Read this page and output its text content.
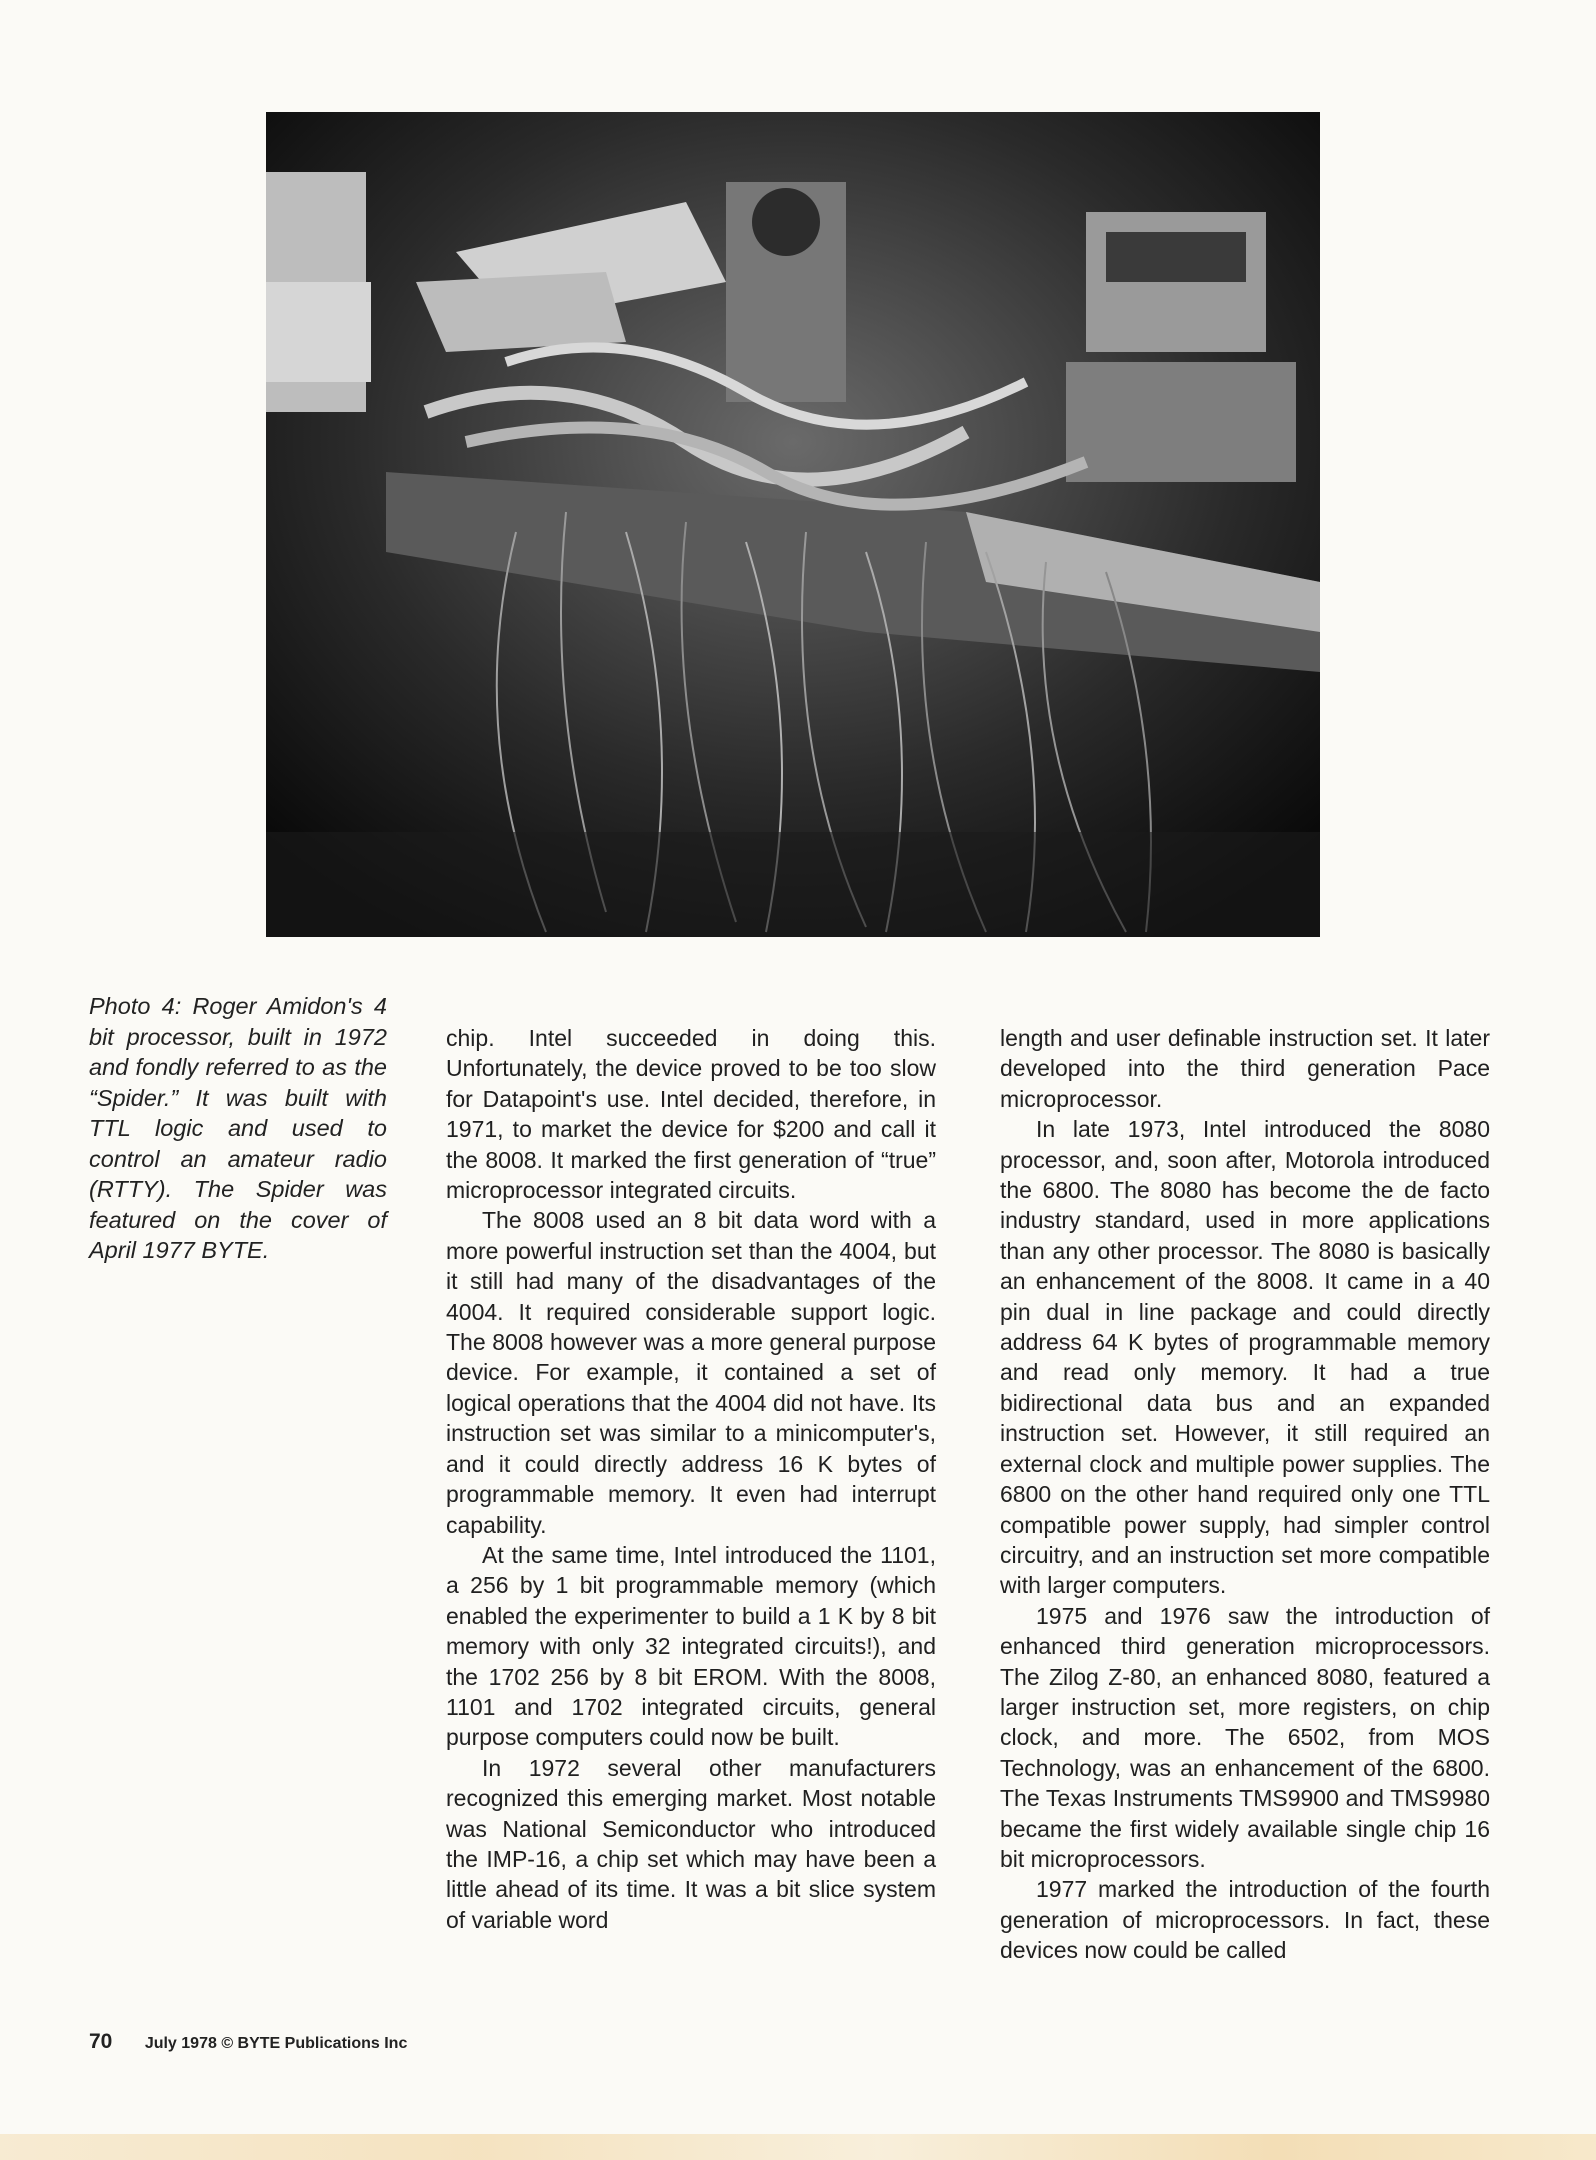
Photo 4: Roger Amidon's 4 bit processor, built in 1972 and fondly referred to as the “Spider.” It was built with TTL logic and used to control an amateur radio (RTTY). The Spider was featured on the cover of April 1977 BYTE.

chip. Intel succeeded in doing this. Unfortunately, the device proved to be too slow for Datapoint's use. Intel decided, therefore, in 1971, to market the device for $200 and call it the 8008. It marked the first generation of “true” microprocessor integrated circuits.

The 8008 used an 8 bit data word with a more powerful instruction set than the 4004, but it still had many of the disadvantages of the 4004. It required considerable support logic. The 8008 however was a more general purpose device. For example, it contained a set of logical operations that the 4004 did not have. Its instruction set was similar to a minicomputer's, and it could directly address 16 K bytes of programmable memory. It even had interrupt capability.

At the same time, Intel introduced the 1101, a 256 by 1 bit programmable memory (which enabled the experimenter to build a 1 K by 8 bit memory with only 32 integrated circuits!), and the 1702 256 by 8 bit EROM. With the 8008, 1101 and 1702 integrated circuits, general purpose computers could now be built.

In 1972 several other manufacturers recognized this emerging market. Most notable was National Semiconductor who introduced the IMP-16, a chip set which may have been a little ahead of its time. It was a bit slice system of variable word

length and user definable instruction set. It later developed into the third generation Pace microprocessor.

In late 1973, Intel introduced the 8080 processor, and, soon after, Motorola introduced the 6800. The 8080 has become the de facto industry standard, used in more applications than any other processor. The 8080 is basically an enhancement of the 8008. It came in a 40 pin dual in line package and could directly address 64 K bytes of programmable memory and read only memory. It had a true bidirectional data bus and an expanded instruction set. However, it still required an external clock and multiple power supplies. The 6800 on the other hand required only one TTL compatible power supply, had simpler control circuitry, and an instruction set more compatible with larger computers.

1975 and 1976 saw the introduction of enhanced third generation microprocessors. The Zilog Z-80, an enhanced 8080, featured a larger instruction set, more registers, on chip clock, and more. The 6502, from MOS Technology, was an enhancement of the 6800. The Texas Instruments TMS9900 and TMS9980 became the first widely available single chip 16 bit microprocessors.

1977 marked the introduction of the fourth generation of microprocessors. In fact, these devices now could be called

70 July 1978 © BYTE Publications Inc
